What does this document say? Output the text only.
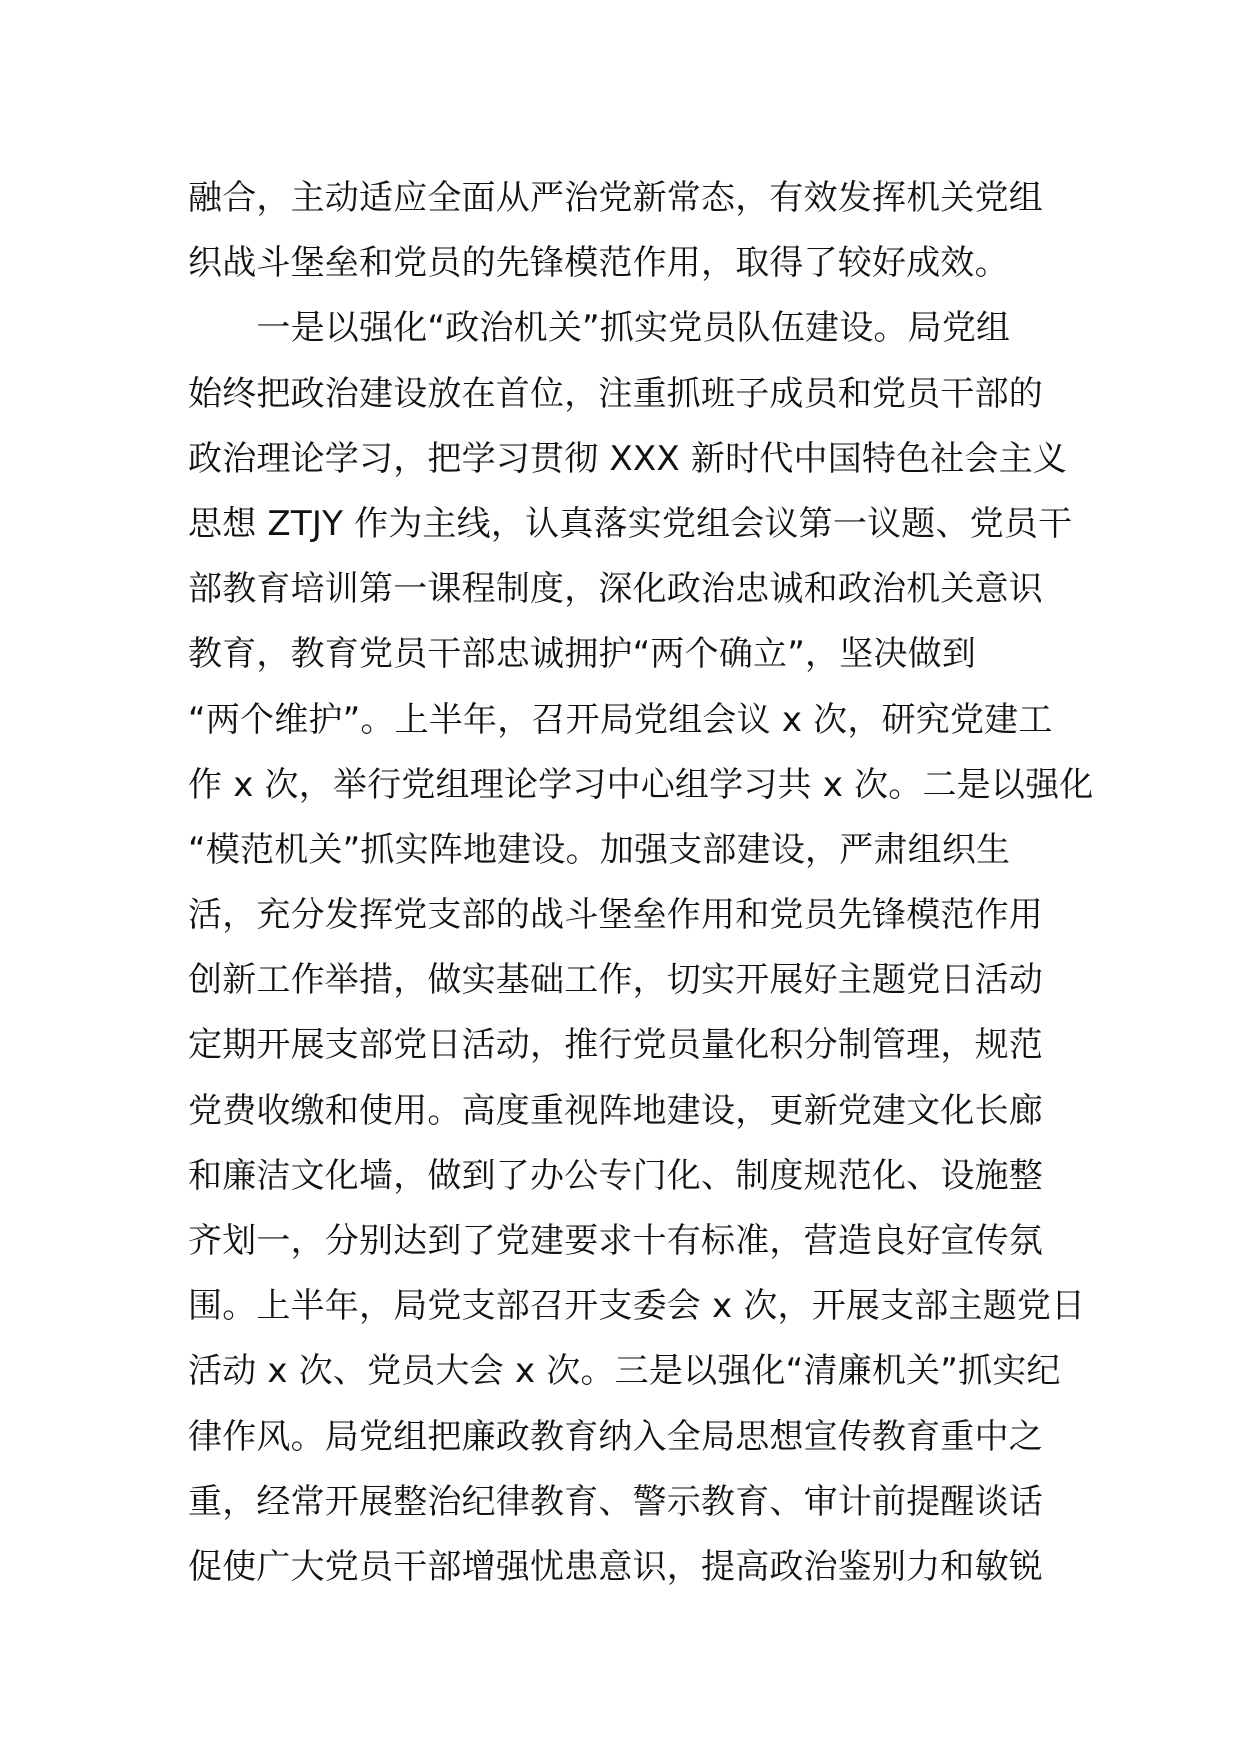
融合，主动适应全面从严治党新常态，有效发挥机关党组
织战斗堡垒和党员的先锋模范作用，取得了较好成效。
　　一是以强化“政治机关”抓实党员队伍建设。局党组
始终把政治建设放在首位，注重抓班子成员和党员干部的
政治理论学习，把学习贯彻 XXX 新时代中国特色社会主义
思想 ZTJY 作为主线，认真落实党组会议第一议题、党员干
部教育培训第一课程制度，深化政治忠诚和政治机关意识
教育，教育党员干部忠诚拥护“两个确立”，坚决做到
“两个维护”。上半年，召开局党组会议 x 次，研究党建工
作 x 次，举行党组理论学习中心组学习共 x 次。二是以强化
“模范机关”抓实阵地建设。加强支部建设，严肃组织生
活，充分发挥党支部的战斗堡垒作用和党员先锋模范作用
创新工作举措，做实基础工作，切实开展好主题党日活动
定期开展支部党日活动，推行党员量化积分制管理，规范
党费收缴和使用。高度重视阵地建设，更新党建文化长廊
和廉洁文化墙，做到了办公专门化、制度规范化、设施整
齐划一，分别达到了党建要求十有标准，营造良好宣传氛
围。上半年，局党支部召开支委会 x 次，开展支部主题党日
活动 x 次、党员大会 x 次。三是以强化“清廉机关”抓实纪
律作风。局党组把廉政教育纳入全局思想宣传教育重中之
重，经常开展整治纪律教育、警示教育、审计前提醒谈话
促使广大党员干部增强忧患意识，提高政治鉴别力和敏锐
